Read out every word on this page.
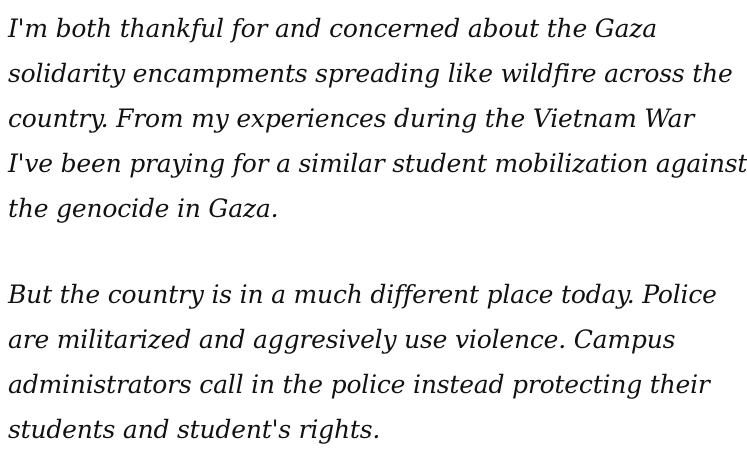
I'm both thankful for and concerned about the Gaza
solidarity encampments spreading like wildfire across the
country. From my experiences during the Vietnam War
I've been praying for a similar student mobilization against
the genocide in Gaza.
But the country is in a much different place today. Police
are militarized and aggresively use violence. Campus
administrators call in the police instead protecting their
students and student's rights.
